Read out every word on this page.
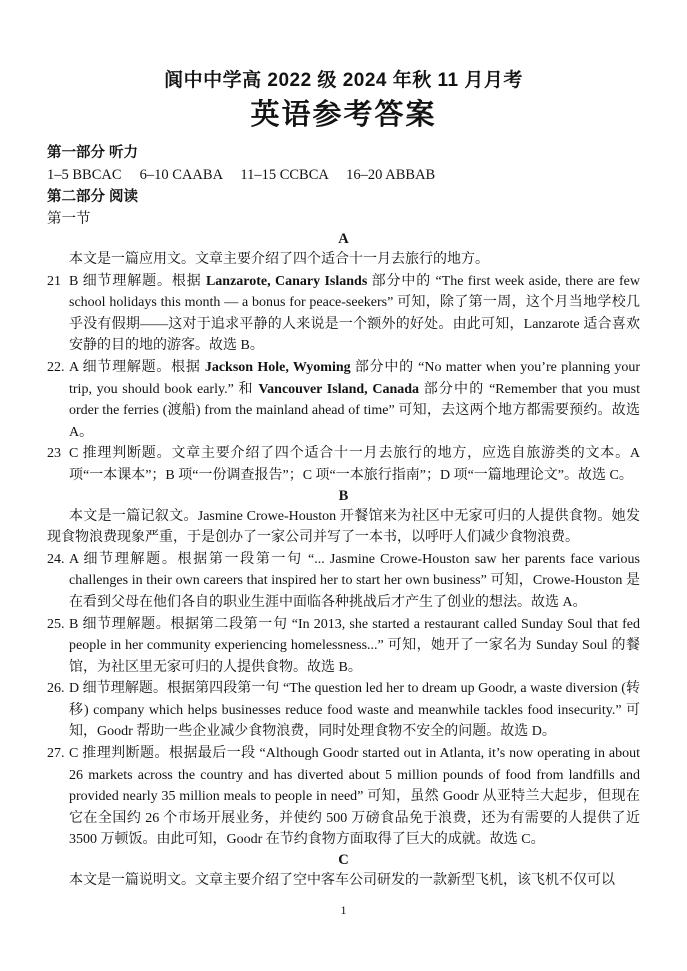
阆中中学高 2022 级 2024 年秋 11 月月考
英语参考答案

第一部分 听力

1–5 BBCAC     6–10 CAABA     11–15 CCBCA     16–20 ABBAB

第二部分 阅读

第一节

A

本文是一篇应用文。文章主要介绍了四个适合十一月去旅行的地方。

21 B 细节理解题。根据 Lanzarote, Canary Islands 部分中的 “The first week aside, there are few school holidays this month — a bonus for peace-seekers” 可知，除了第一周，这个月当地学校几乎没有假期——这对于追求平静的人来说是一个额外的好处。由此可知，Lanzarote 适合喜欢安静的目的地的游客。故选 B。

22. A 细节理解题。根据 Jackson Hole, Wyoming 部分中的 “No matter when you’re planning your trip, you should book early.” 和 Vancouver Island, Canada 部分中的 “Remember that you must order the ferries (渡船) from the mainland ahead of time” 可知，去这两个地方都需要预约。故选 A。

23 C 推理判断题。文章主要介绍了四个适合十一月去旅行的地方，应选自旅游类的文本。A 项“一本课本”；B 项“一份调查报告”；C 项“一本旅行指南”；D 项“一篇地理论文”。故选 C。

B

本文是一篇记叙文。Jasmine Crowe-Houston 开餐馆来为社区中无家可归的人提供食物。她发现食物浪费现象严重，于是创办了一家公司并写了一本书，以呼吁人们减少食物浪费。

24. A 细节理解题。根据第一段第一句 “... Jasmine Crowe-Houston saw her parents face various challenges in their own careers that inspired her to start her own business” 可知，Crowe-Houston 是在看到父母在他们各自的职业生涯中面临各种挑战后才产生了创业的想法。故选 A。

25. B 细节理解题。根据第二段第一句 “In 2013, she started a restaurant called Sunday Soul that fed people in her community experiencing homelessness...” 可知，她开了一家名为 Sunday Soul 的餐馆，为社区里无家可归的人提供食物。故选 B。

26. D 细节理解题。根据第四段第一句 “The question led her to dream up Goodr, a waste diversion (转 移) company which helps businesses reduce food waste and meanwhile tackles food insecurity.” 可知，Goodr 帮助一些企业减少食物浪费，同时处理食物不安全的问题。故选 D。

27. C 推理判断题。根据最后一段 “Although Goodr started out in Atlanta, it’s now operating in about 26 markets across the country and has diverted about 5 million pounds of food from landfills and provided nearly 35 million meals to people in need” 可知，虽然 Goodr 从亚特兰大起步，但现在它在全国约 26 个市场开展业务，并使约 500 万磅食品免于浪费，还为有需要的人提供了近 3500 万顿饭。由此可知，Goodr 在节约食物方面取得了巨大的成就。故选 C。

C

本文是一篇说明文。文章主要介绍了空中客车公司研发的一款新型飞机，该飞机不仅可以

1
